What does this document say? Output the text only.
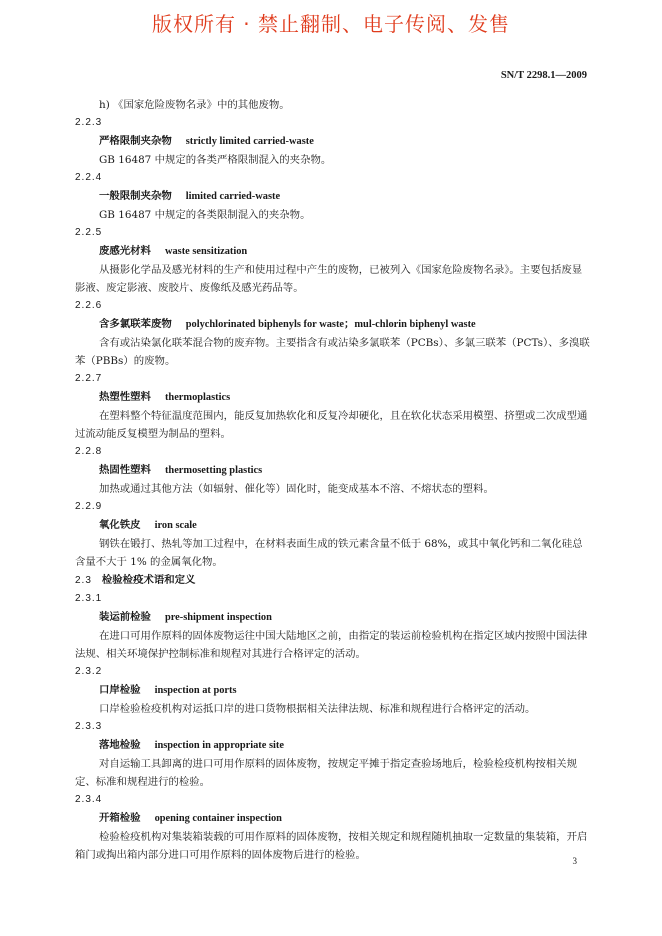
版权所有 · 禁止翻制、电子传阅、发售
SN/T 2298.1—2009
h) 《国家危险废物名录》中的其他废物。
2.2.3
严格限制夹杂物 strictly limited carried-waste
GB 16487 中规定的各类严格限制混入的夹杂物。
2.2.4
一般限制夹杂物 limited carried-waste
GB 16487 中规定的各类限制混入的夹杂物。
2.2.5
废感光材料 waste sensitization
从摄影化学品及感光材料的生产和使用过程中产生的废物，已被列入《国家危险废物名录》。主要包括废显影液、废定影液、废胶片、废像纸及感光药品等。
2.2.6
含多氯联苯废物 polychlorinated biphenyls for waste；mul-chlorin biphenyl waste
含有或沾染氯化联苯混合物的废弃物。主要指含有或沾染多氯联苯（PCBs）、多氯三联苯（PCTs）、多溴联苯（PBBs）的废物。
2.2.7
热塑性塑料 thermoplastics
在塑料整个特征温度范围内，能反复加热软化和反复冷却硬化，且在软化状态采用模塑、挤塑或二次成型通过流动能反复模塑为制品的塑料。
2.2.8
热固性塑料 thermosetting plastics
加热或通过其他方法（如辐射、催化等）固化时，能变成基本不溶、不熔状态的塑料。
2.2.9
氧化铁皮 iron scale
钢铁在锻打、热轧等加工过程中，在材料表面生成的铁元素含量不低于 68%，或其中氧化钙和二氧化硅总含量不大于 1% 的金属氧化物。
2.3 检验检疫术语和定义
2.3.1
装运前检验 pre-shipment inspection
在进口可用作原料的固体废物运往中国大陆地区之前，由指定的装运前检验机构在指定区域内按照中国法律法规、相关环境保护控制标准和规程对其进行合格评定的活动。
2.3.2
口岸检验 inspection at ports
口岸检验检疫机构对运抵口岸的进口货物根据相关法律法规、标准和规程进行合格评定的活动。
2.3.3
落地检验 inspection in appropriate site
对自运输工具卸离的进口可用作原料的固体废物，按规定平摊于指定查验场地后，检验检疫机构按相关规定、标准和规程进行的检验。
2.3.4
开箱检验 opening container inspection
检验检疫机构对集装箱装载的可用作原料的固体废物，按相关规定和规程随机抽取一定数量的集装箱，开启箱门或掏出箱内部分进口可用作原料的固体废物后进行的检验。	3
